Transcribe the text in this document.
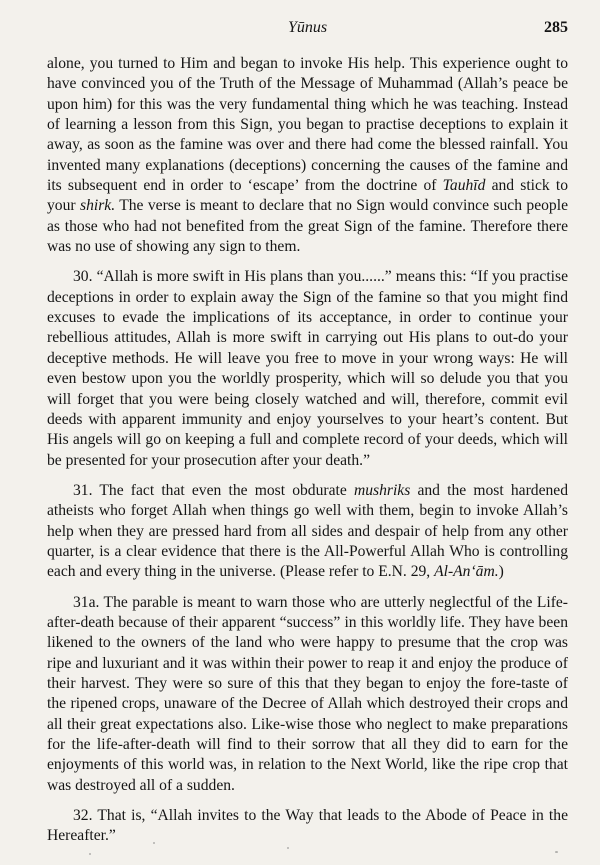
Yūnus	285

alone, you turned to Him and began to invoke His help. This experience ought to have convinced you of the Truth of the Message of Muhammad (Allah’s peace be upon him) for this was the very fundamental thing which he was teaching. Instead of learning a lesson from this Sign, you began to practise deceptions to explain it away, as soon as the famine was over and there had come the blessed rainfall. You invented many explanations (deceptions) concerning the causes of the famine and its subsequent end in order to ‘escape’ from the doctrine of Tauhīd and stick to your shirk. The verse is meant to declare that no Sign would convince such people as those who had not benefited from the great Sign of the famine. Therefore there was no use of showing any sign to them.

30. “Allah is more swift in His plans than you......” means this: “If you practise deceptions in order to explain away the Sign of the famine so that you might find excuses to evade the implications of its acceptance, in order to continue your rebellious attitudes, Allah is more swift in carrying out His plans to out-do your deceptive methods. He will leave you free to move in your wrong ways: He will even bestow upon you the worldly prosperity, which will so delude you that you will forget that you were being closely watched and will, therefore, commit evil deeds with apparent immunity and enjoy yourselves to your heart’s content. But His angels will go on keeping a full and complete record of your deeds, which will be presented for your prosecution after your death.”

31. The fact that even the most obdurate mushriks and the most hardened atheists who forget Allah when things go well with them, begin to invoke Allah’s help when they are pressed hard from all sides and despair of help from any other quarter, is a clear evidence that there is the All-Powerful Allah Who is controlling each and every thing in the universe. (Please refer to E.N. 29, Al-An‘ām.)

31a. The parable is meant to warn those who are utterly neglectful of the Life-after-death because of their apparent “success” in this worldly life. They have been likened to the owners of the land who were happy to presume that the crop was ripe and luxuriant and it was within their power to reap it and enjoy the produce of their harvest. They were so sure of this that they began to enjoy the fore-taste of the ripened crops, unaware of the Decree of Allah which destroyed their crops and all their great expectations also. Like-wise those who neglect to make preparations for the life-after-death will find to their sorrow that all they did to earn for the enjoyments of this world was, in relation to the Next World, like the ripe crop that was destroyed all of a sudden.

32. That is, “Allah invites to the Way that leads to the Abode of Peace in the Hereafter.”
